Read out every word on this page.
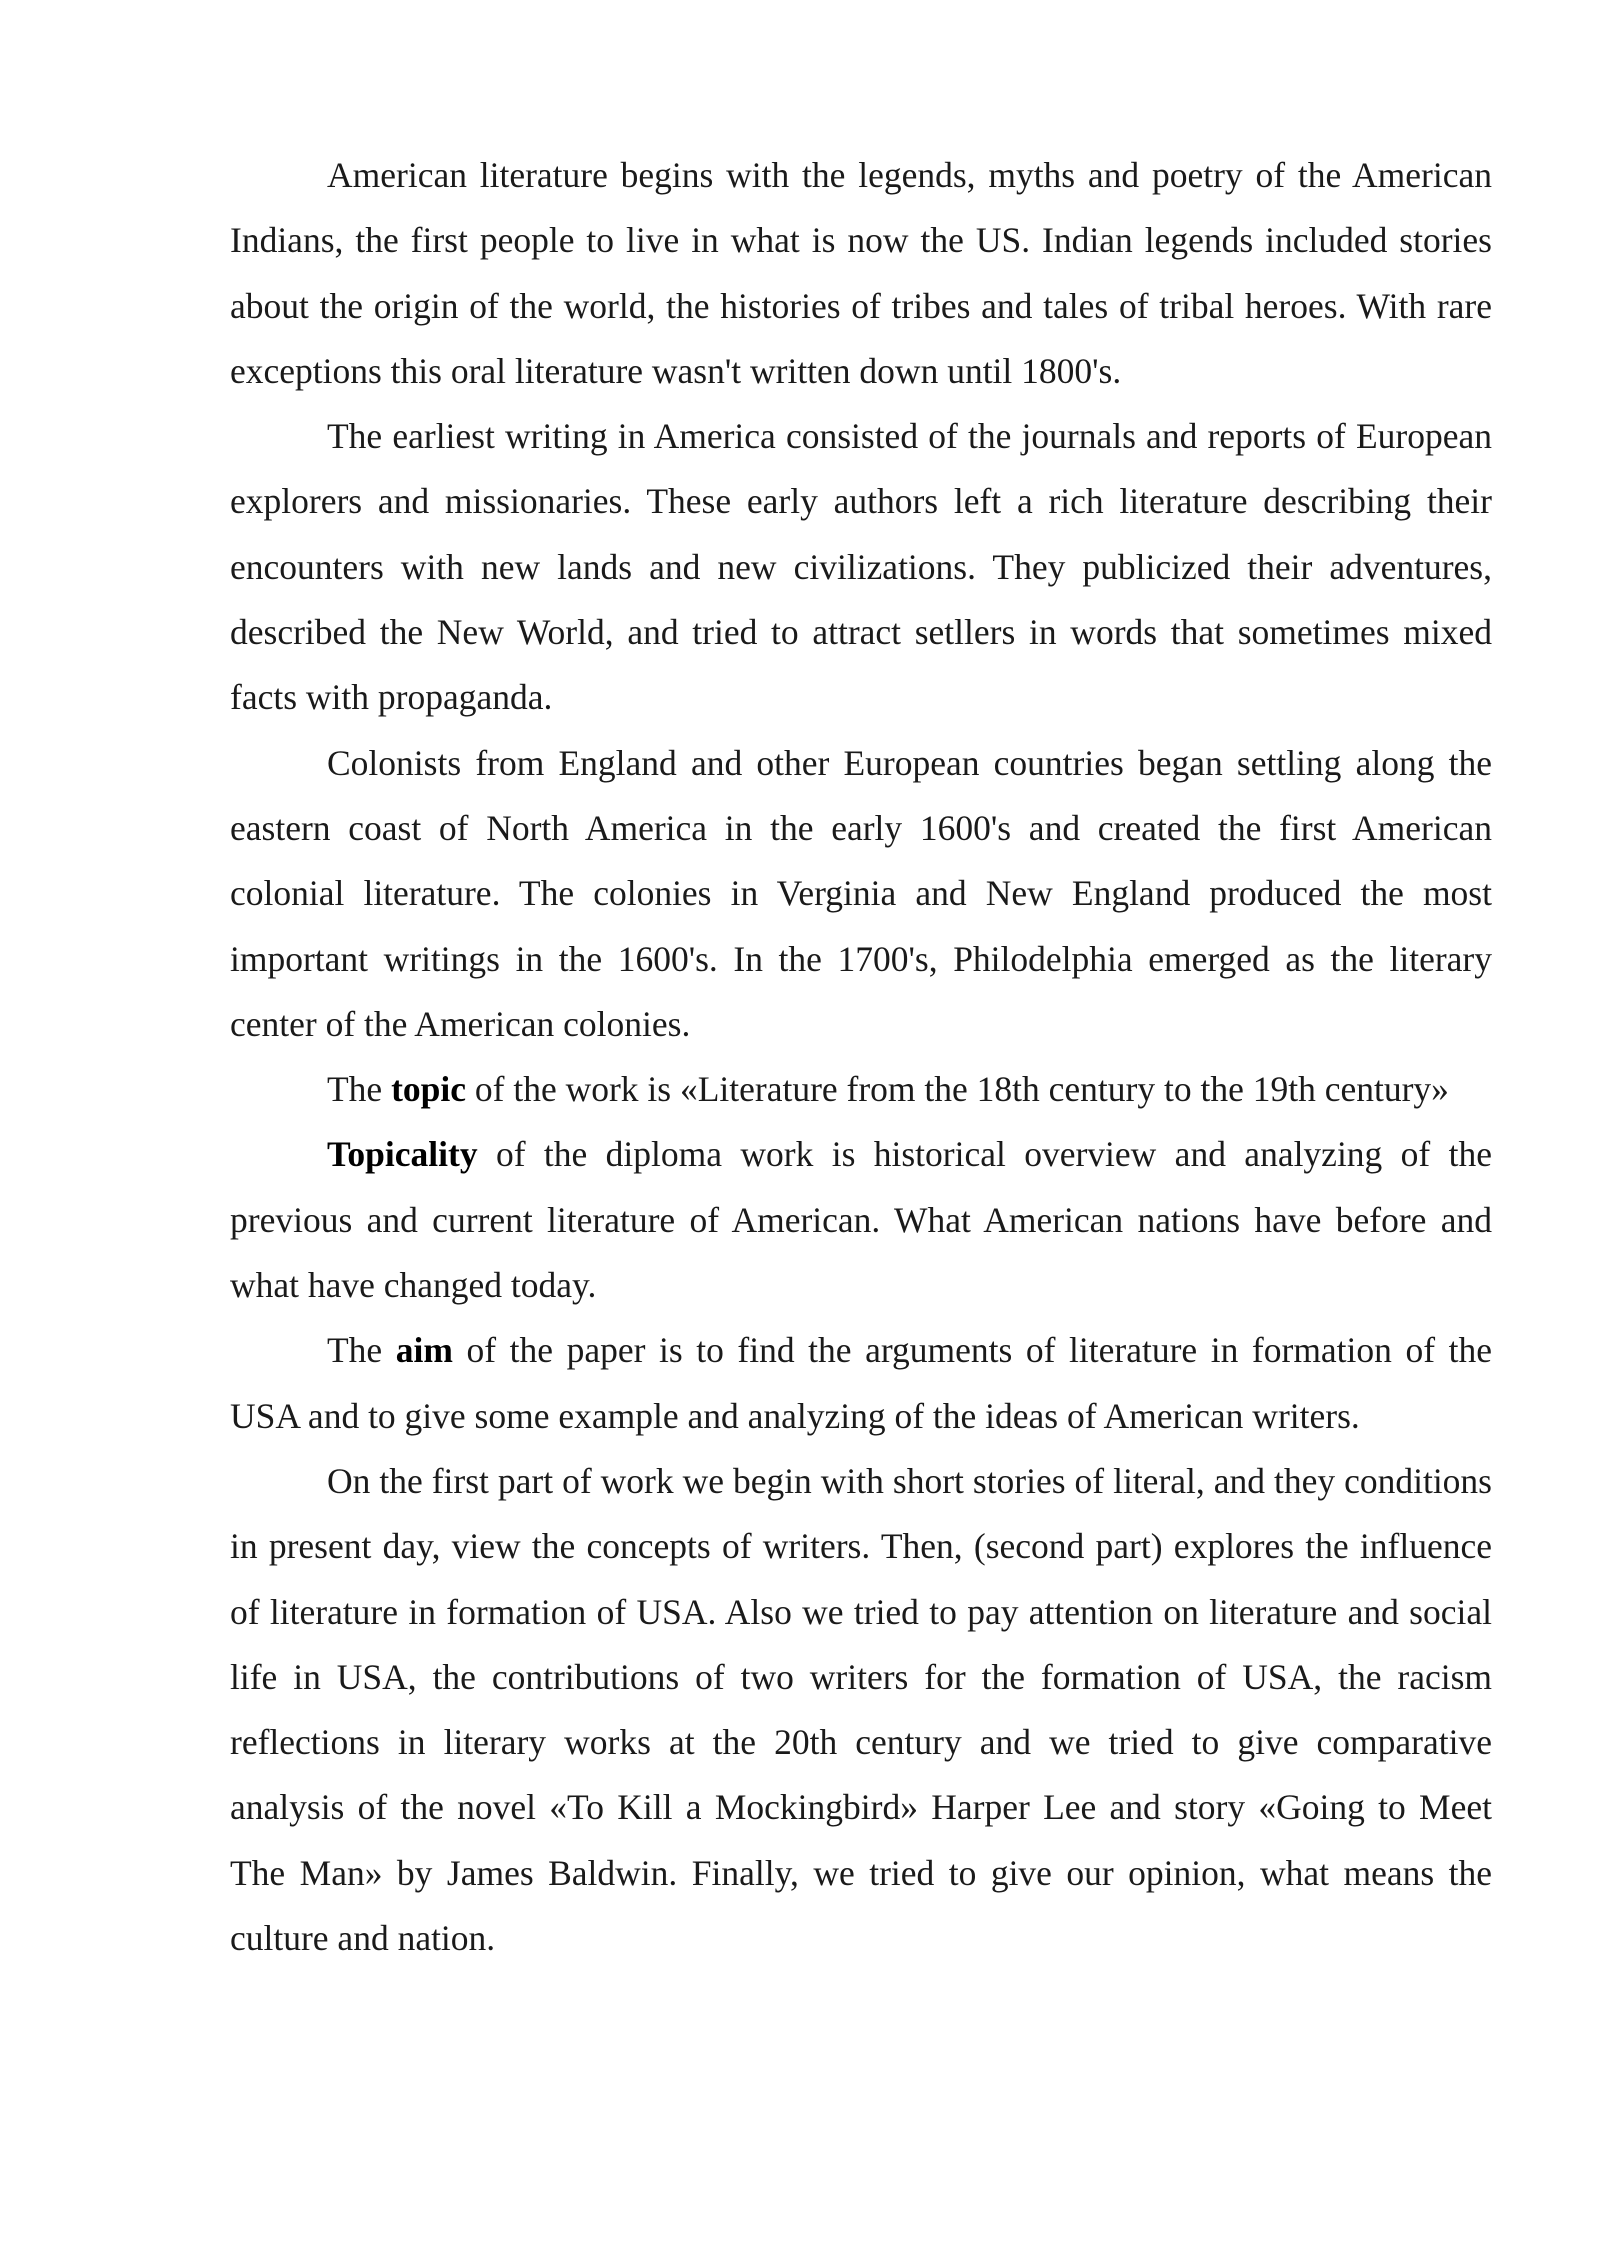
American literature begins with the legends, myths and poetry of the American Indians, the first people to live in what is now the US. Indian legends included stories about the origin of the world, the histories of tribes and tales of tribal heroes. With rare exceptions this oral literature wasn't written down until 1800's.

The earliest writing in America consisted of the journals and reports of European explorers and missionaries. These early authors left a rich literature describing their encounters with new lands and new civilizations. They publicized their adventures, described the New World, and tried to attract setllers in words that sometimes mixed facts with propaganda.

Colonists from England and other European countries began settling along the eastern coast of North America in the early 1600's and created the first American colonial literature. The colonies in Verginia and New England produced the most important writings in the 1600's. In the 1700's, Philodelphia emerged as the literary center of the American colonies.

The topic of the work is «Literature from the 18th century to the 19th century»

Topicality of the diploma work is historical overview and analyzing of the previous and current literature of American. What American nations have before and what have changed today.

The aim of the paper is to find the arguments of literature in formation of the USA and to give some example and analyzing of the ideas of American writers.

On the first part of work we begin with short stories of literal, and they conditions in present day, view the concepts of writers. Then, (second part) explores the influence of literature in formation of USA. Also we tried to pay attention on literature and social life in USA, the contributions of two writers for the formation of USA, the racism reflections in literary works at the 20th century and we tried to give comparative analysis of the novel «To Kill a Mockingbird» Harper Lee and story «Going to Meet The Man» by James Baldwin. Finally, we tried to give our opinion, what means the culture and nation.
